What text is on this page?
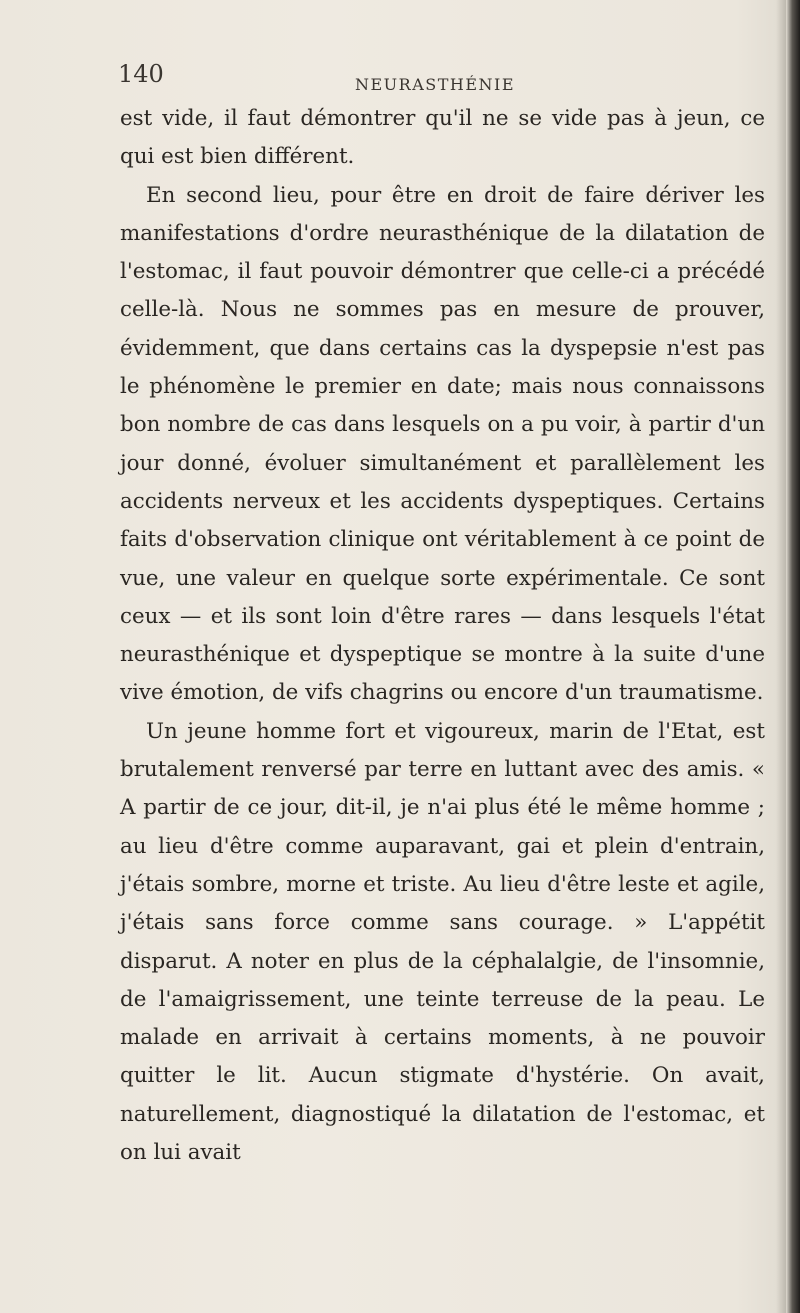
140	NEURASTHÉNIE

est vide, il faut démontrer qu'il ne se vide pas à jeun, ce qui est bien différent.

En second lieu, pour être en droit de faire dériver les manifestations d'ordre neurasthénique de la dilatation de l'estomac, il faut pouvoir démontrer que celle-ci a précédé celle-là. Nous ne sommes pas en mesure de prouver, évidemment, que dans certains cas la dyspepsie n'est pas le phénomène le premier en date; mais nous connaissons bon nombre de cas dans lesquels on a pu voir, à partir d'un jour donné, évoluer simultanément et parallèlement les accidents nerveux et les accidents dyspeptiques. Certains faits d'observation clinique ont véritablement à ce point de vue, une valeur en quelque sorte expérimentale. Ce sont ceux — et ils sont loin d'être rares — dans lesquels l'état neurasthénique et dyspeptique se montre à la suite d'une vive émotion, de vifs chagrins ou encore d'un traumatisme.

Un jeune homme fort et vigoureux, marin de l'Etat, est brutalement renversé par terre en luttant avec des amis. « A partir de ce jour, dit-il, je n'ai plus été le même homme ; au lieu d'être comme auparavant, gai et plein d'entrain, j'étais sombre, morne et triste. Au lieu d'être leste et agile, j'étais sans force comme sans courage. » L'appétit disparut. A noter en plus de la céphalalgie, de l'insomnie, de l'amaigrissement, une teinte terreuse de la peau. Le malade en arrivait à certains moments, à ne pouvoir quitter le lit. Aucun stigmate d'hystérie. On avait, naturellement, diagnostiqué la dilatation de l'estomac, et on lui avait
